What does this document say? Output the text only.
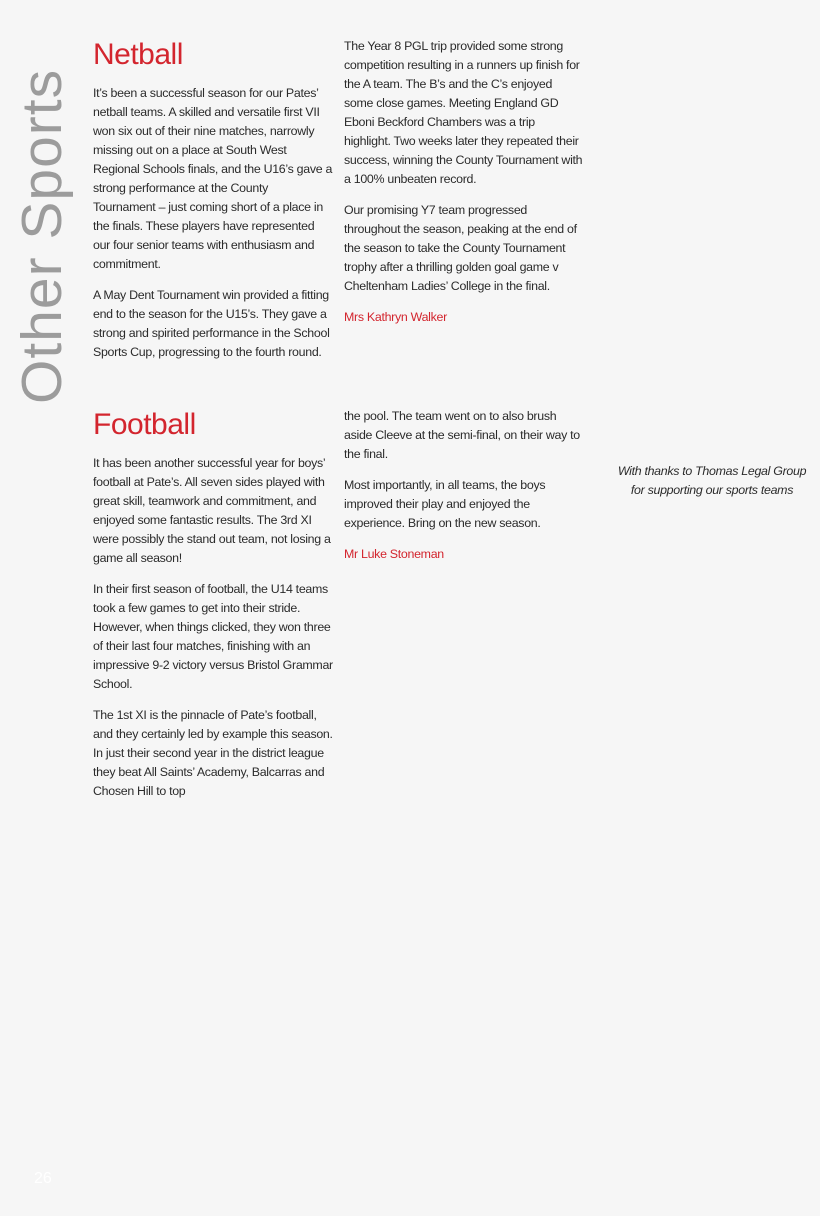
Other Sports
Netball

It’s been a successful season for our Pates’ netball teams. A skilled and versatile first VII won six out of their nine matches, narrowly missing out on a place at South West Regional Schools finals, and the U16’s gave a strong performance at the County Tournament – just coming short of a place in the finals. These players have represented our four senior teams with enthusiasm and commitment.

A May Dent Tournament win provided a fitting end to the season for the U15’s. They gave a strong and spirited performance in the School Sports Cup, progressing to the fourth round.

The Year 8 PGL trip provided some strong competition resulting in a runners up finish for the A team. The B’s and the C’s enjoyed some close games. Meeting England GD Eboni Beckford Chambers was a trip highlight. Two weeks later they repeated their success, winning the County Tournament with a 100% unbeaten record.

Our promising Y7 team progressed throughout the season, peaking at the end of the season to take the County Tournament trophy after a thrilling golden goal game v Cheltenham Ladies’ College in the final.

Mrs Kathryn Walker

Football

It has been another successful year for boys’ football at Pate’s. All seven sides played with great skill, teamwork and commitment, and enjoyed some fantastic results. The 3rd XI were possibly the stand out team, not losing a game all season!

In their first season of football, the U14 teams took a few games to get into their stride. However, when things clicked, they won three of their last four matches, finishing with an impressive 9-2 victory versus Bristol Grammar School.

The 1st XI is the pinnacle of Pate’s football, and they certainly led by example this season. In just their second year in the district league they beat All Saints’ Academy, Balcarras and Chosen Hill to top

the pool. The team went on to also brush aside Cleeve at the semi-final, on their way to the final.

Most importantly, in all teams, the boys improved their play and enjoyed the experience. Bring on the new season.

Mr Luke Stoneman

With thanks to Thomas Legal Group
for supporting our sports teams
26
